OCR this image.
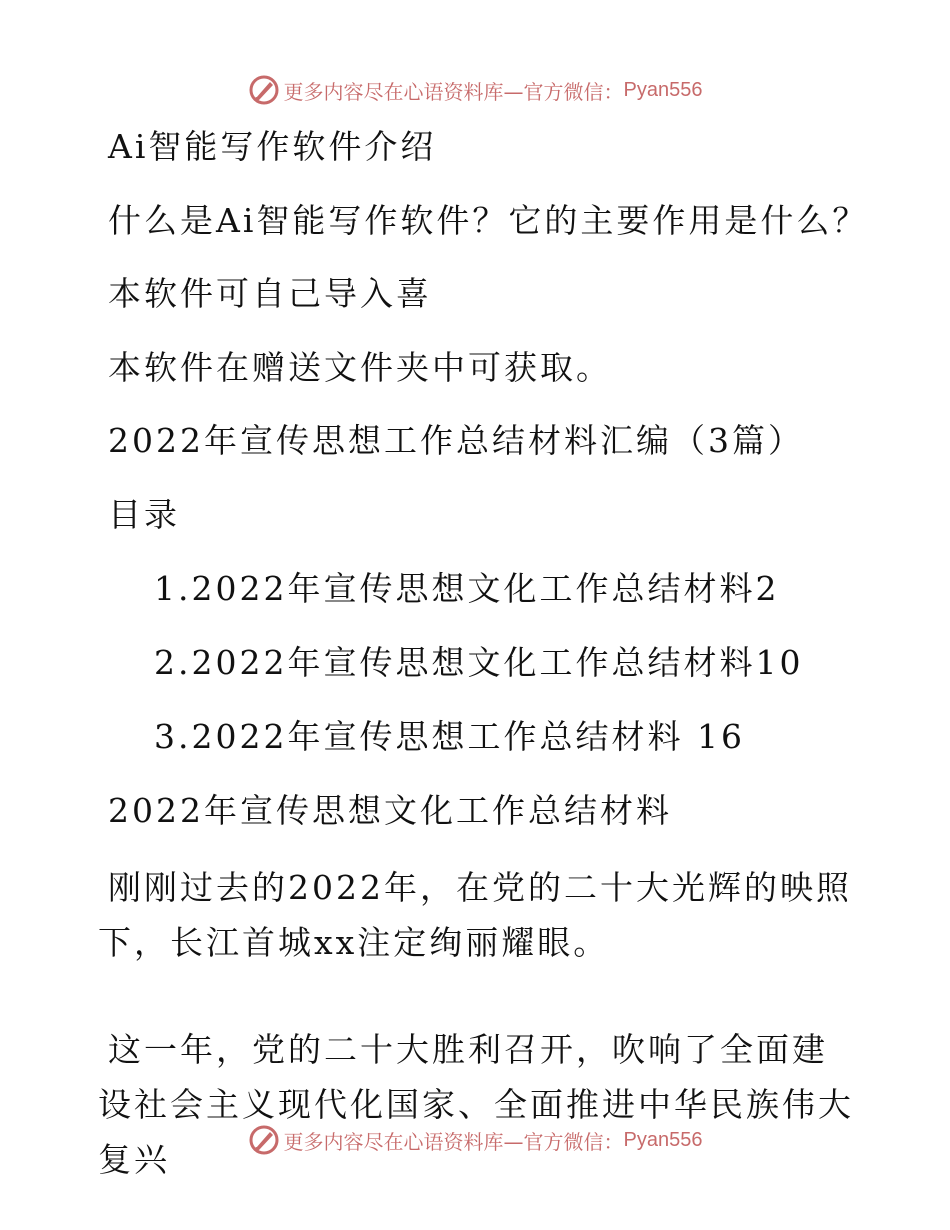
更多内容尽在心语资料库—官方微信： Pyan556
Ai智能写作软件介绍
什么是Ai智能写作软件？它的主要作用是什么？
本软件可自己导入喜
本软件在赠送文件夹中可获取。
2022年宣传思想工作总结材料汇编（3篇）
目录
1.2022年宣传思想文化工作总结材料2
2.2022年宣传思想文化工作总结材料10
3.2022年宣传思想工作总结材料 16
2022年宣传思想文化工作总结材料
刚刚过去的2022年，在党的二十大光辉的映照下，长江首城xx注定绚丽耀眼。
这一年，党的二十大胜利召开，吹响了全面建设社会主义现代化国家、全面推进中华民族伟大复兴	更多内容尽在心语资料库—官方微信： Pyan556
